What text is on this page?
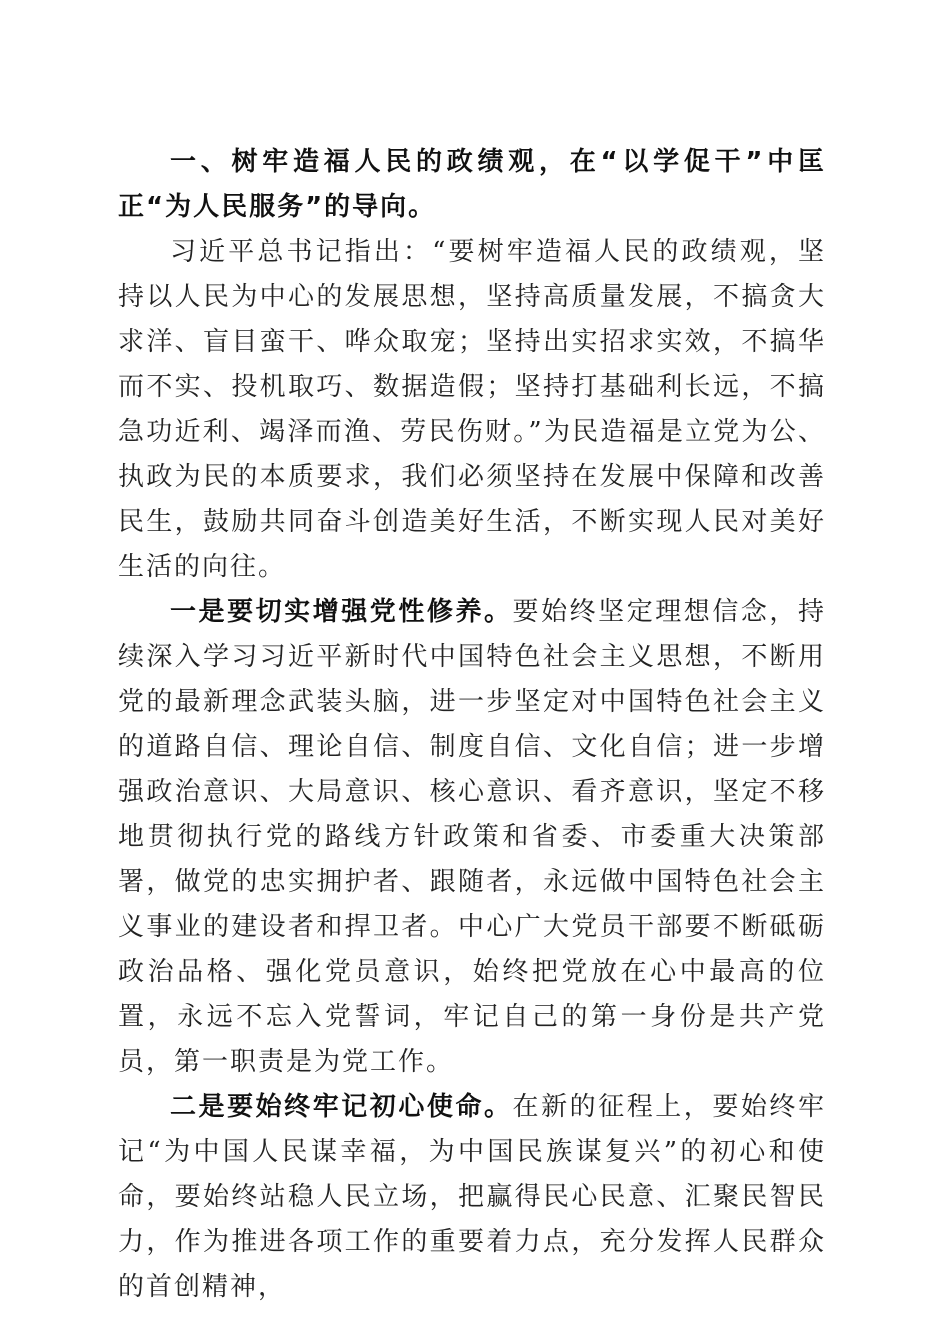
一、树牢造福人民的政绩观，在“以学促干”中匡正“为人民服务”的导向。

习近平总书记指出：“要树牢造福人民的政绩观，坚持以人民为中心的发展思想，坚持高质量发展，不搞贪大求洋、盲目蛮干、哗众取宠；坚持出实招求实效，不搞华而不实、投机取巧、数据造假；坚持打基础利长远，不搞急功近利、竭泽而渔、劳民伤财。”为民造福是立党为公、执政为民的本质要求，我们必须坚持在发展中保障和改善民生，鼓励共同奋斗创造美好生活，不断实现人民对美好生活的向往。

一是要切实增强党性修养。要始终坚定理想信念，持续深入学习习近平新时代中国特色社会主义思想，不断用党的最新理念武装头脑，进一步坚定对中国特色社会主义的道路自信、理论自信、制度自信、文化自信；进一步增强政治意识、大局意识、核心意识、看齐意识，坚定不移地贯彻执行党的路线方针政策和省委、市委重大决策部署，做党的忠实拥护者、跟随者，永远做中国特色社会主义事业的建设者和捍卫者。中心广大党员干部要不断砥砺政治品格、强化党员意识，始终把党放在心中最高的位置，永远不忘入党誓词，牢记自己的第一身份是共产党员，第一职责是为党工作。

二是要始终牢记初心使命。在新的征程上，要始终牢记“为中国人民谋幸福，为中国民族谋复兴”的初心和使命，要始终站稳人民立场，把赢得民心民意、汇聚民智民力，作为推进各项工作的重要着力点，充分发挥人民群众的首创精神，
